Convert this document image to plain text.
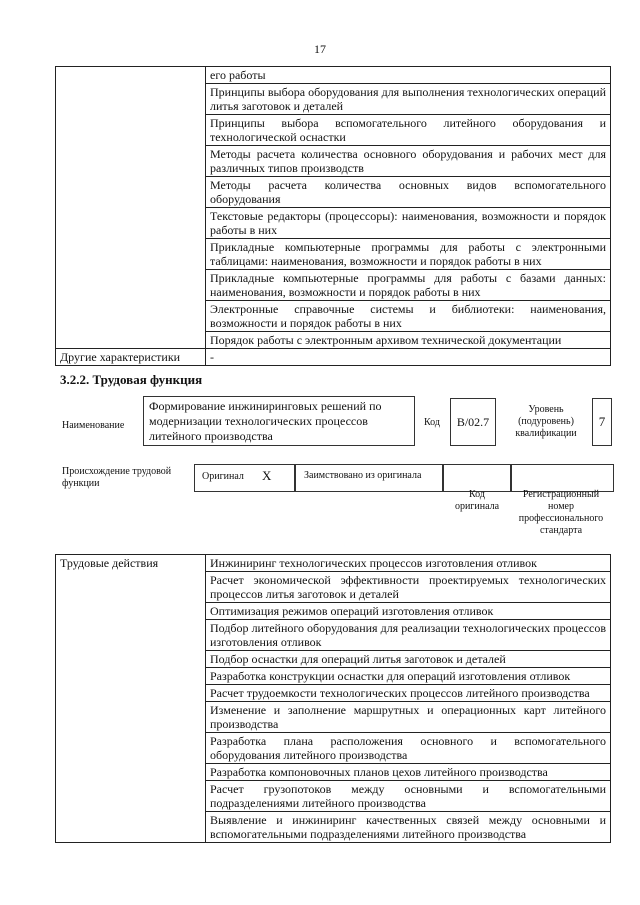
17
	его работы
	Принципы выбора оборудования для выполнения технологических операций литья заготовок и деталей
	Принципы выбора вспомогательного литейного оборудования и технологической оснастки
	Методы расчета количества основного оборудования и рабочих мест для различных типов производств
	Методы расчета количества основных видов вспомогательного оборудования
	Текстовые редакторы (процессоры): наименования, возможности и порядок работы в них
	Прикладные компьютерные программы для работы с электронными таблицами: наименования, возможности и порядок работы в них
	Прикладные компьютерные программы для работы с базами данных: наименования, возможности и порядок работы в них
	Электронные справочные системы и библиотеки: наименования, возможности и порядок работы в них
	Порядок работы с электронным архивом технической документации
Другие характеристики	-
3.2.2. Трудовая функция
Наименование
Формирование инжиниринговых решений по модернизации технологических процессов литейного производства
Код	В/02.7
Уровень (подуровень) квалификации
7
Происхождение трудовой функции
Оригинал X	Заимствовано из оригинала
Код оригинала
Регистрационный номер профессионального стандарта
Трудовые действия	Инжиниринг технологических процессов изготовления отливок
Расчет экономической эффективности проектируемых технологических процессов литья заготовок и деталей
Оптимизация режимов операций изготовления отливок
Подбор литейного оборудования для реализации технологических процессов изготовления отливок
Подбор оснастки для операций литья заготовок и деталей
Разработка конструкции оснастки для операций изготовления отливок
Расчет трудоемкости технологических процессов литейного производства
Изменение и заполнение маршрутных и операционных карт литейного производства
Разработка плана расположения основного и вспомогательного оборудования литейного производства
Разработка компоновочных планов цехов литейного производства
Расчет грузопотоков между основными и вспомогательными подразделениями литейного производства
Выявление и инжиниринг качественных связей между основными и вспомогательными подразделениями литейного производства
